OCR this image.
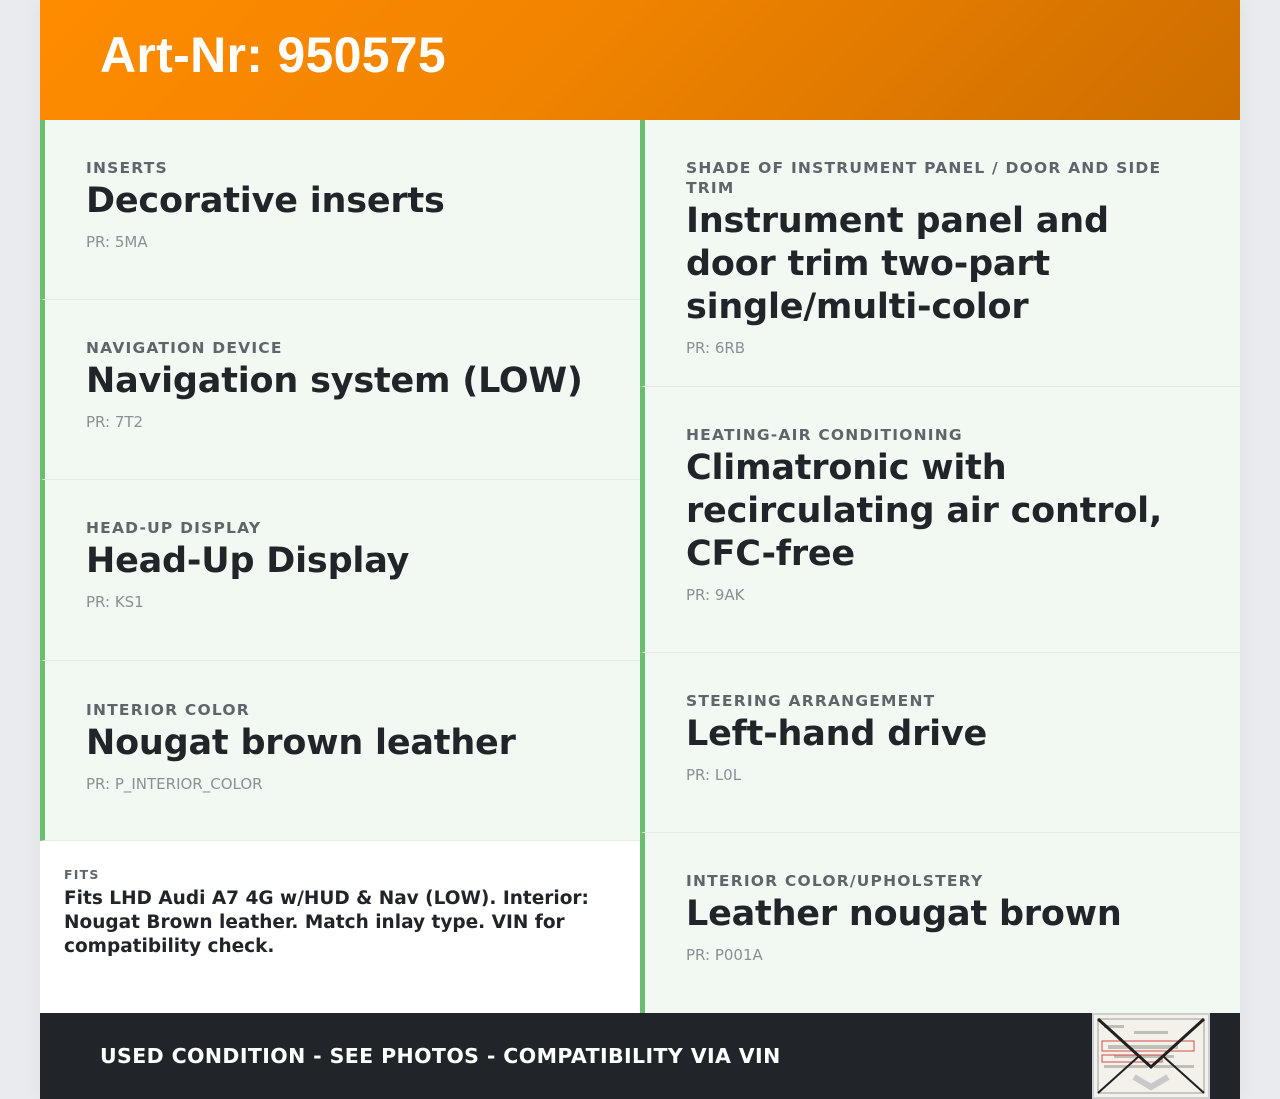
Art-Nr: 950575
INSERTS
Decorative inserts
PR: 5MA
NAVIGATION DEVICE
Navigation system (LOW)
PR: 7T2
HEAD-UP DISPLAY
Head-Up Display
PR: KS1
INTERIOR COLOR
Nougat brown leather
PR: P_INTERIOR_COLOR
FITS
Fits LHD Audi A7 4G w/HUD & Nav (LOW). Interior: Nougat Brown leather. Match inlay type. VIN for compatibility check.
SHADE OF INSTRUMENT PANEL / DOOR AND SIDE TRIM
Instrument panel and door trim two-part single/multi-color
PR: 6RB
HEATING-AIR CONDITIONING
Climatronic with recirculating air control, CFC-free
PR: 9AK
STEERING ARRANGEMENT
Left-hand drive
PR: L0L
INTERIOR COLOR/UPHOLSTERY
Leather nougat brown
PR: P001A
USED CONDITION - SEE PHOTOS - COMPATIBILITY VIA VIN
